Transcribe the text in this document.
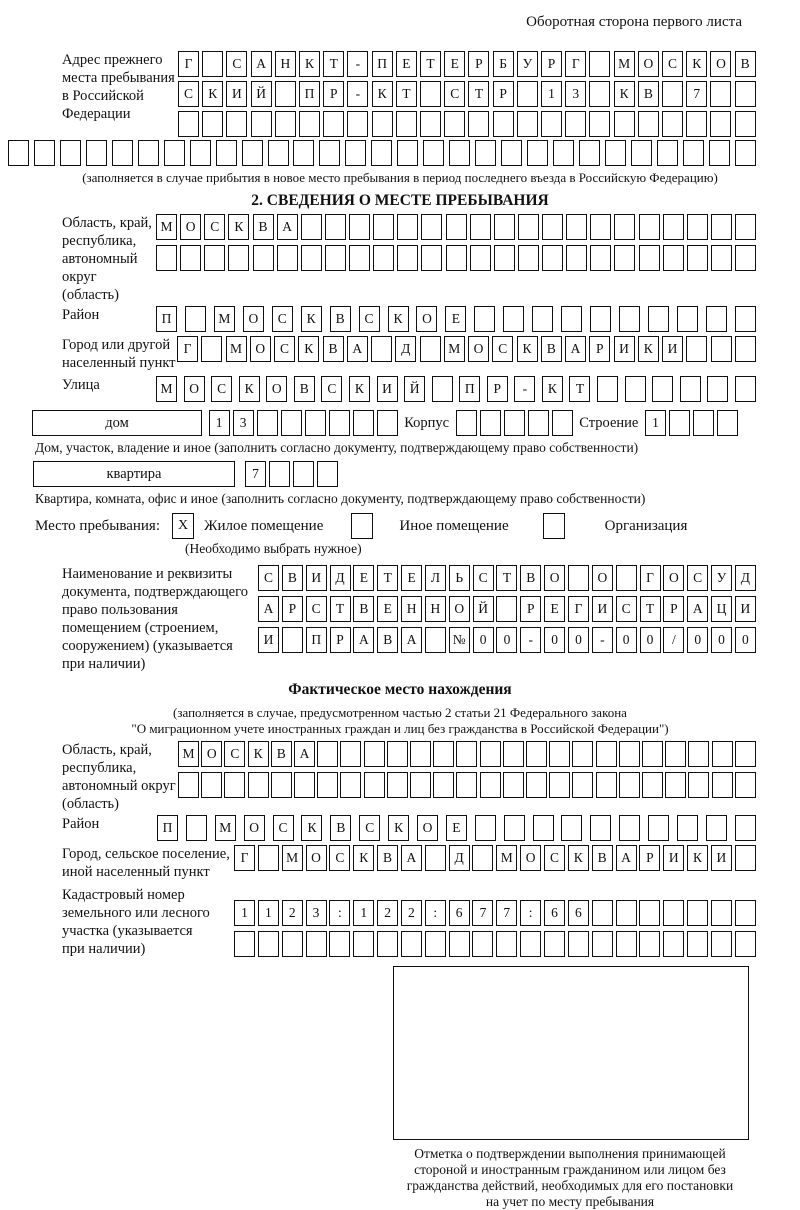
Оборотная сторона первого листа
Адрес прежнего
места пребывания
в Российской
Федерации
Г	С	А	Н	К	Т	-	П	Е	Т	Е	Р	Б	У	Р	Г	М О	С	К	О	В
С	К	И	Й	П	Р	-	К	Т	С	Т	Р	1	3	К	В	7
(заполняется в случае прибытия в новое место пребывания в период последнего въезда в Российскую Федерацию)
2. СВЕДЕНИЯ О МЕСТЕ ПРЕБЫВАНИЯ
Область, край,
республика,
автономный
округ (область)
М О	С	К	В	А
Район	П	М	О	С	К	В	С	К	О	Е
Город или другой
населенный пункт
Г	М О	С	К	В	А	Д	М О	С	К	В	А	Р	И	К	И
Улица	М	О	С	К	О	В	С	К	И	Й	П	Р	-	К	Т
дом	1	3	Корпус	Строение	1
Дом, участок, владение и иное (заполнить согласно документу, подтверждающему право собственности)
квартира	7
Квартира, комната, офис и иное (заполнить согласно документу, подтверждающему право собственности)
Место пребывания:	X	Жилое помещение	Иное помещение	Организация
(Необходимо выбрать нужное)
Наименование и реквизиты
документа, подтверждающего
право пользования
помещением (строением,
сооружением) (указывается
при наличии)
С	В	И	Д	Е	Т	Е	Л	Ь	С	Т	В	О	О	Г	О	С	У	Д
А	Р	С	Т	В	Е	Н	Н	О	Й	Р	Е	Г	И	С	Т	Р	А	Ц	И
И	П	Р	А	В	А	№	0	0	-	0	0	-	0	0	/	0	0	0
Фактическое место нахождения
(заполняется в случае, предусмотренном частью 2 статьи 21 Федерального закона
"О миграционном учете иностранных граждан и лиц без гражданства в Российской Федерации")
Область, край,
республика,
автономный округ
(область)
М О	С	К	В	А
Район	П	М	О	С	К	В	С	К	О	Е
Город, сельское поселение,
иной населенный пункт
Г	М О	С	К	В	А	Д	М О	С	К	В	А	Р	И	К	И
Кадастровый номер
земельного или лесного
участка (указывается
при наличии)
1	1	2	3	:	1	2	2	:	6	7	7	:	6	6
Отметка о подтверждении выполнения принимающей
стороной и иностранным гражданином или лицом без
гражданства действий, необходимых для его постановки
на учет по месту пребывания
